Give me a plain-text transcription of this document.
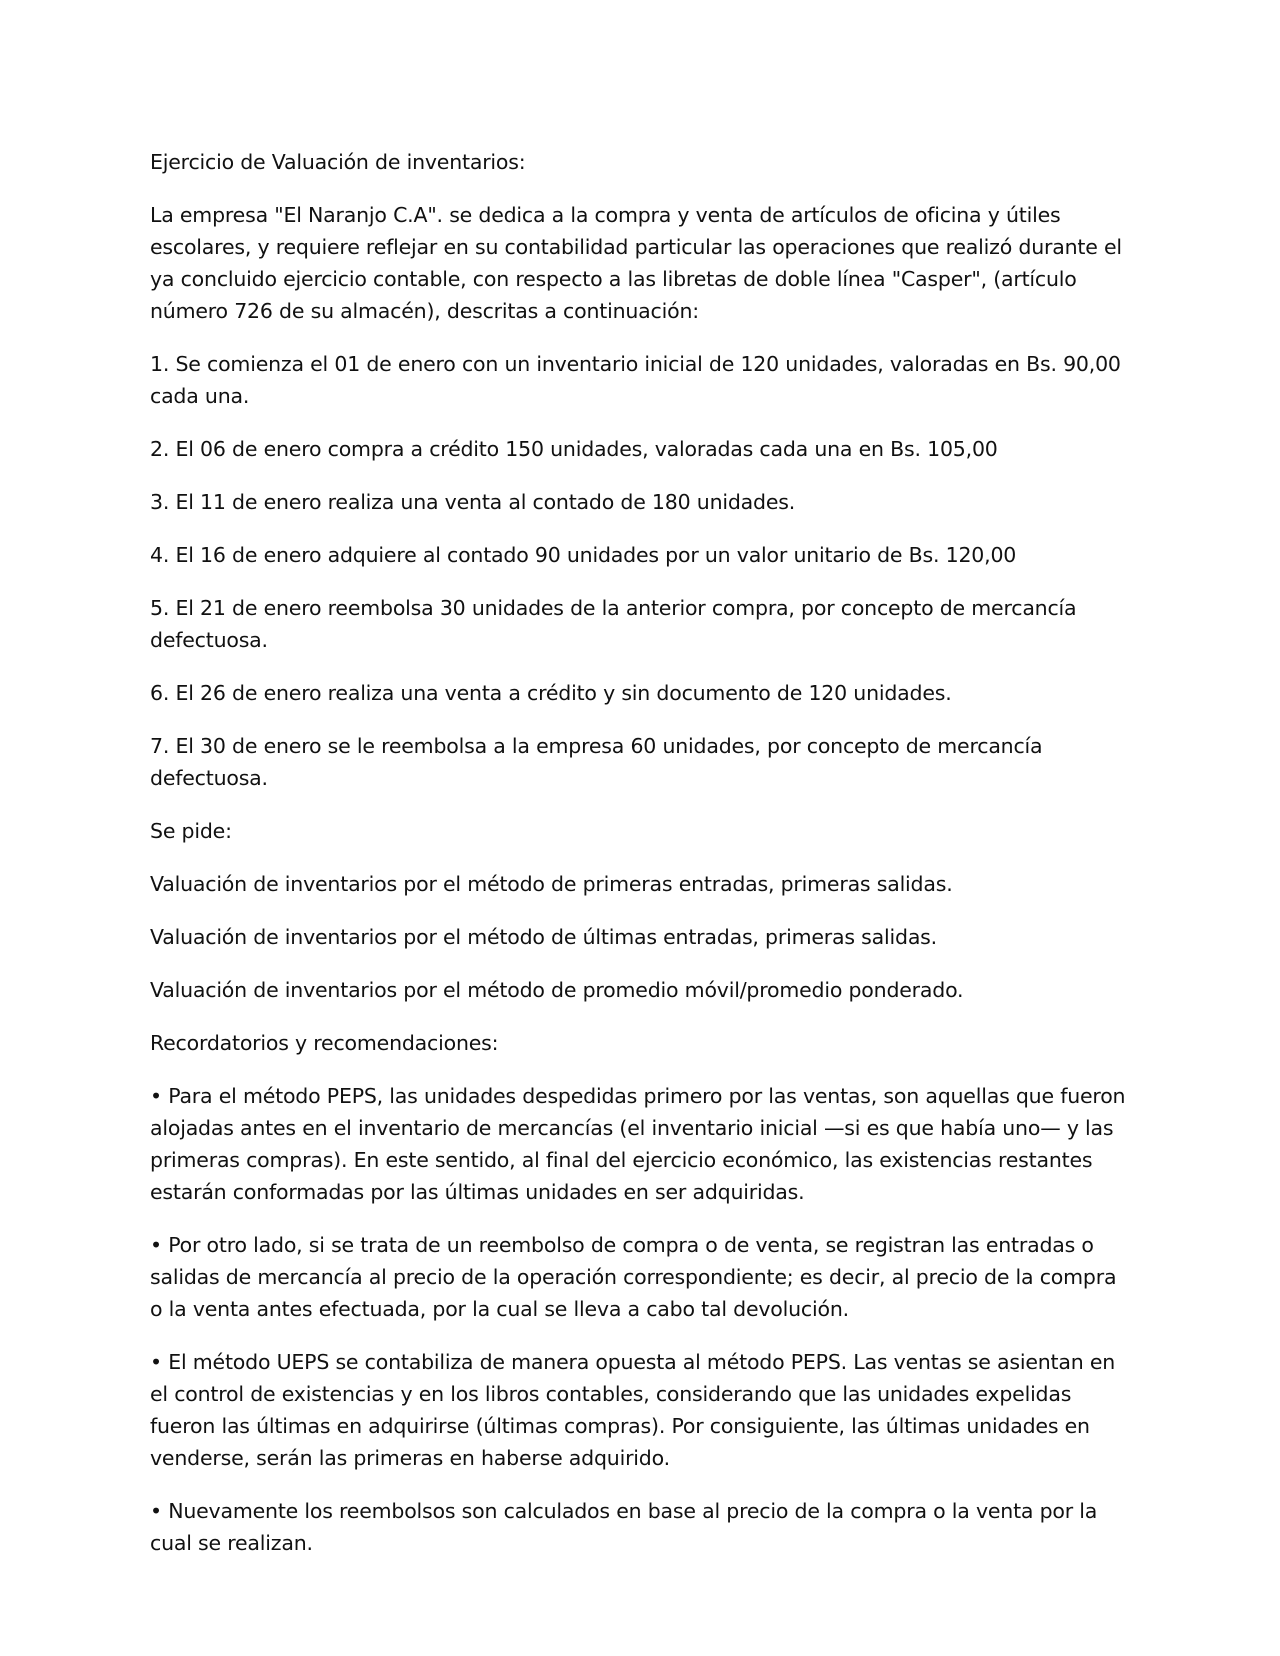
Ejercicio de Valuación de inventarios:

La empresa "El Naranjo C.A". se dedica a la compra y venta de artículos de oficina y útiles escolares, y requiere reflejar en su contabilidad particular las operaciones que realizó durante el ya concluido ejercicio contable, con respecto a las libretas de doble línea "Casper", (artículo número 726 de su almacén), descritas a continuación:

1. Se comienza el 01 de enero con un inventario inicial de 120 unidades, valoradas en Bs. 90,00 cada una.

2. El 06 de enero compra a crédito 150 unidades, valoradas cada una en Bs. 105,00

3. El 11 de enero realiza una venta al contado de 180 unidades.

4. El 16 de enero adquiere al contado 90 unidades por un valor unitario de Bs. 120,00

5. El 21 de enero reembolsa 30 unidades de la anterior compra, por concepto de mercancía defectuosa.

6. El 26 de enero realiza una venta a crédito y sin documento de 120 unidades.

7. El 30 de enero se le reembolsa a la empresa 60 unidades, por concepto de mercancía defectuosa.

Se pide:

Valuación de inventarios por el método de primeras entradas, primeras salidas.

Valuación de inventarios por el método de últimas entradas, primeras salidas.

Valuación de inventarios por el método de promedio móvil/promedio ponderado.

Recordatorios y recomendaciones:

• Para el método PEPS, las unidades despedidas primero por las ventas, son aquellas que fueron alojadas antes en el inventario de mercancías (el inventario inicial —si es que había uno— y las primeras compras). En este sentido, al final del ejercicio económico, las existencias restantes estarán conformadas por las últimas unidades en ser adquiridas.

• Por otro lado, si se trata de un reembolso de compra o de venta, se registran las entradas o salidas de mercancía al precio de la operación correspondiente; es decir, al precio de la compra o la venta antes efectuada, por la cual se lleva a cabo tal devolución.

• El método UEPS se contabiliza de manera opuesta al método PEPS. Las ventas se asientan en el control de existencias y en los libros contables, considerando que las unidades expelidas fueron las últimas en adquirirse (últimas compras). Por consiguiente, las últimas unidades en venderse, serán las primeras en haberse adquirido.

• Nuevamente los reembolsos son calculados en base al precio de la compra o la venta por la cual se realizan.
